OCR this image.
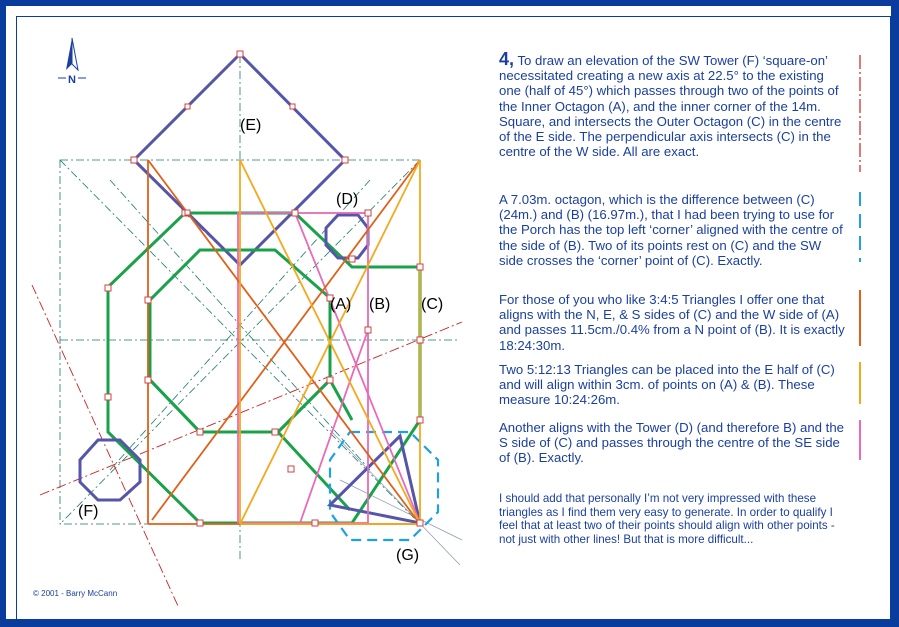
N
(E)
(D)
(A) (B) (C)
(F)
(G)

4, To draw an elevation of the SW Tower (F) ‘square-on’ necessitated creating a new axis at 22.5° to the existing one (half of 45°) which passes through two of the points of the Inner Octagon (A), and the inner corner of the 14m. Square, and intersects the Outer Octagon (C) in the centre of the E side. The perpendicular axis intersects (C) in the centre of the W side. All are exact.

A 7.03m. octagon, which is the difference between (C) (24m.) and (B) (16.97m.), that I had been trying to use for the Porch has the top left ‘corner’ aligned with the centre of the side of (B). Two of its points rest on (C) and the SW side crosses the ‘corner’ point of (C). Exactly.

For those of you who like 3:4:5 Triangles I offer one that aligns with the N, E, & S sides of (C) and the W side of (A) and passes 11.5cm./0.4% from a N point of (B). It is exactly 18:24:30m.

Two 5:12:13 Triangles can be placed into the E half of (C) and will align within 3cm. of points on (A) & (B). These measure 10:24:26m.

Another aligns with the Tower (D) (and therefore B) and the S side of (C) and passes through the centre of the SE side of (B). Exactly.

I should add that personally I’m not very impressed with these triangles as I find them very easy to generate. In order to qualify I feel that at least two of their points should align with other points - not just with other lines! But that is more difficult...

© 2001 - Barry McCann
